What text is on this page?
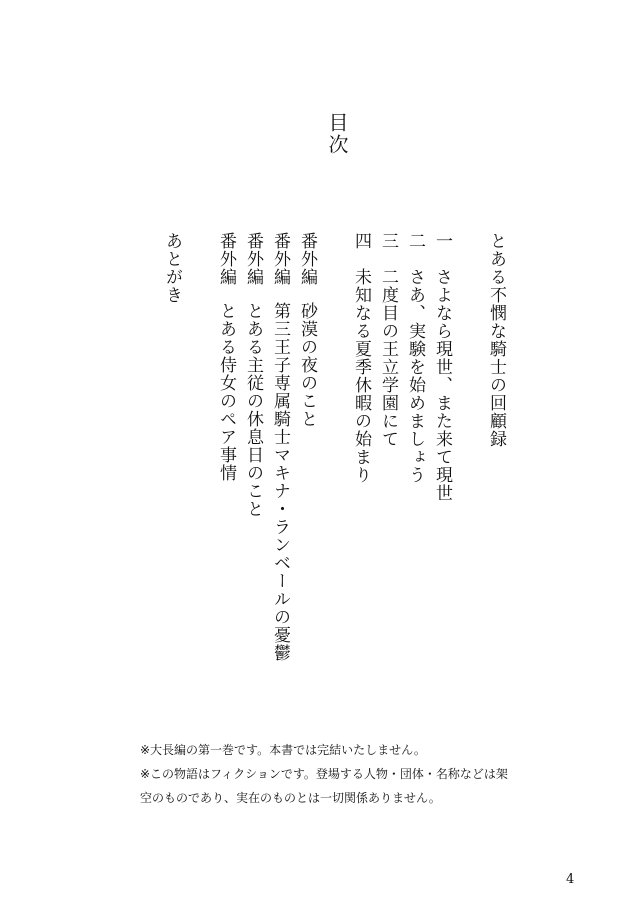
目次
とある不憫な騎士の回顧録
一
さよなら現世、また来て現世
二
さあ、実験を始めましょう
三
二度目の王立学園にて
四
未知なる夏季休暇の始まり
番外編
砂漠の夜のこと
番外編
第三王子専属騎士マキナ・ランベールの憂鬱
番外編
とある主従の休息日のこと
番外編
とある侍女のペア事情
あとがき

※大長編の第一巻です。本書では完結いたしません。

※この物語はフィクションです。登場する人物・団体・名称などは架

空のものであり、実在のものとは一切関係ありません。

4
